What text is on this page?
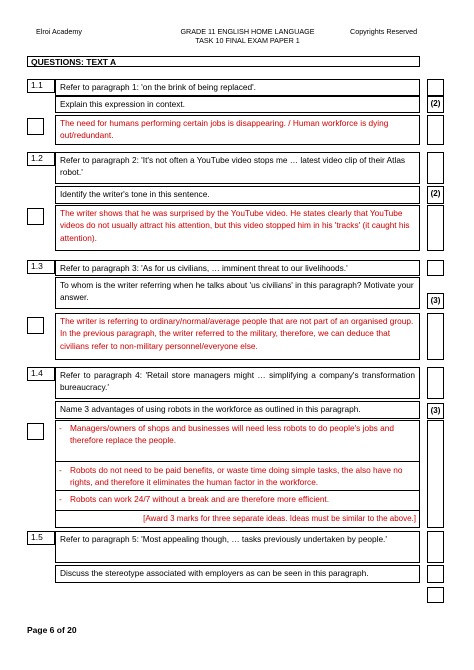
Elroi Academy	GRADE 11 ENGLISH HOME LANGUAGE
TASK 10 FINAL EXAM PAPER 1
Copyrights Reserved
QUESTIONS: TEXT A
1.1	Refer to paragraph 1: 'on the brink of being replaced'.
Explain this expression in context.	(2)
The need for humans performing certain jobs is disappearing. / Human workforce is dying out/redundant.
1.2	Refer to paragraph 2: 'It's not often a YouTube video stops me … latest video clip of their Atlas robot.'
Identify the writer's tone in this sentence.	(2)
The writer shows that he was surprised by the YouTube video. He states clearly that YouTube videos do not usually attract his attention, but this video stopped him in his 'tracks' (it caught his attention).
1.3	Refer to paragraph 3: 'As for us civilians, … imminent threat to our livelihoods.'
To whom is the writer referring when he talks about 'us civilians' in this paragraph? Motivate your answer.	(3)
The writer is referring to ordinary/normal/average people that are not part of an organised group. In the previous paragraph, the writer referred to the military, therefore, we can deduce that civilians refer to non-military personnel/everyone else.
1.4	Refer to paragraph 4: 'Retail store managers might … simplifying a company's transformation bureaucracy.'
Name 3 advantages of using robots in the workforce as outlined in this paragraph.	(3)
- Managers/owners of shops and businesses will need less robots to do people's jobs and therefore replace the people.
- Robots do not need to be paid benefits, or waste time doing simple tasks, the also have no rights, and therefore it eliminates the human factor in the workforce.
- Robots can work 24/7 without a break and are therefore more efficient.
[Award 3 marks for three separate ideas. Ideas must be similar to the above.]
1.5	Refer to paragraph 5: 'Most appealing though, … tasks previously undertaken by people.'
Discuss the stereotype associated with employers as can be seen in this paragraph.
Page 6 of 20
